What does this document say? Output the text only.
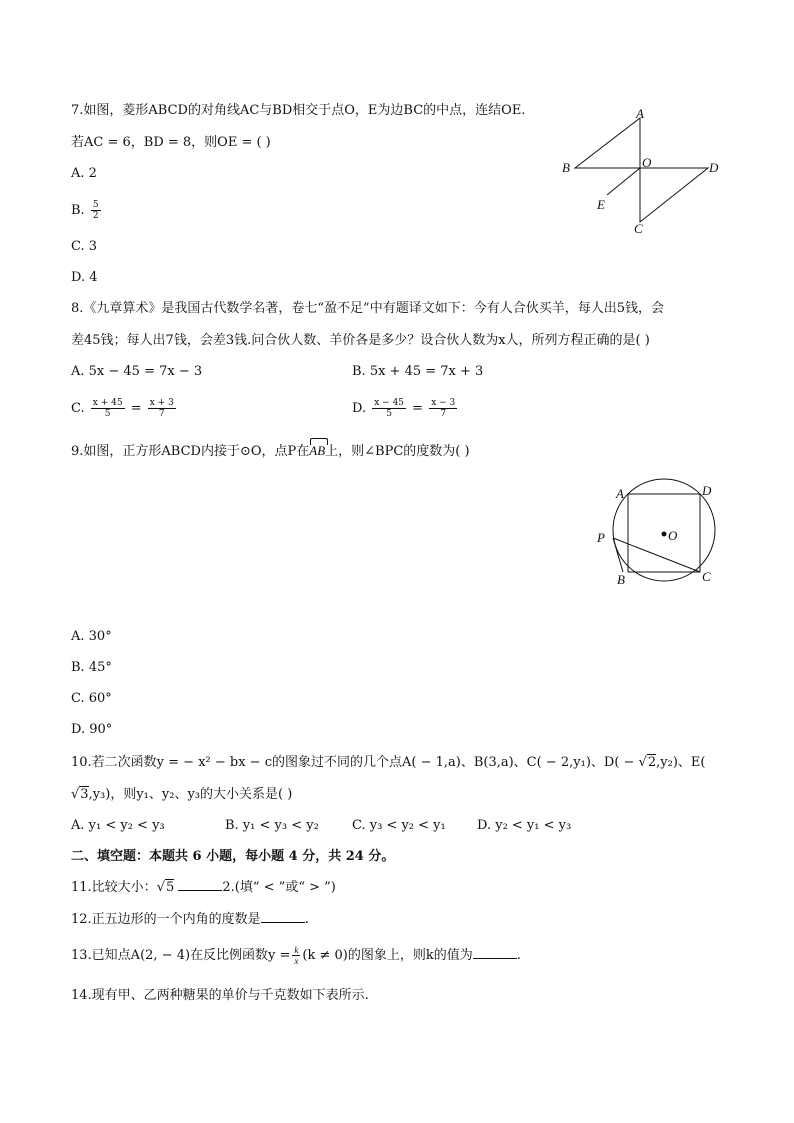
7.如图，菱形ABCD的对角线AC与BD相交于点O，E为边BC的中点，连结OE.
若AC = 6，BD = 8，则OE = ( )
A. 2
B. $\frac{5}{2}$
C. 3
D. 4
A
B	D
O
E
C
8.《九章算术》是我国古代数学名著，卷七“盈不足”中有题译文如下：今有人合伙买羊，每人出5钱，会
差45钱；每人出7钱，会差3钱.问合伙人数、羊价各是多少？设合伙人数为x人，所列方程正确的是( )
A. 5x − 45 = 7x − 3	B. 5x + 45 = 7x + 3
C. $\frac{x + 45}{5} = \frac{x + 3}{7}$	D. $\frac{x - 45}{5} = \frac{x - 3}{7}$
9.如图，正方形ABCD内接于⊙O，点P在
AB上，则∠BPC的度数为( )
A	D
O
P
B	C
A. 30°
B. 45°
C. 60°
D. 90°
10.若二次函数y = − x² − bx − c的图象过不同的几个点A( − 1,a)、B(3,a)、C( − 2,y₁)、D( − √2,y₂)、E(
√3,y₃)，则y₁、y₂、y₃的大小关系是( )
A. y₁ < y₂ < y₃	B. y₁ < y₃ < y₂	C. y₃ < y₂ < y₁ D. y₂ < y₁ < y₃
二、填空题：本题共 6 小题，每小题 4 分，共 24 分。
11.比较大小：√5	2.(填“ < ”或“ > ”)
12.正五边形的一个内角的度数是	.
13.已知点A(2, − 4)在反比例函数$y = \frac{k}{x} (k \ne 0)$的图象上，则k的值为	.
14.现有甲、乙两种糖果的单价与千克数如下表所示.
